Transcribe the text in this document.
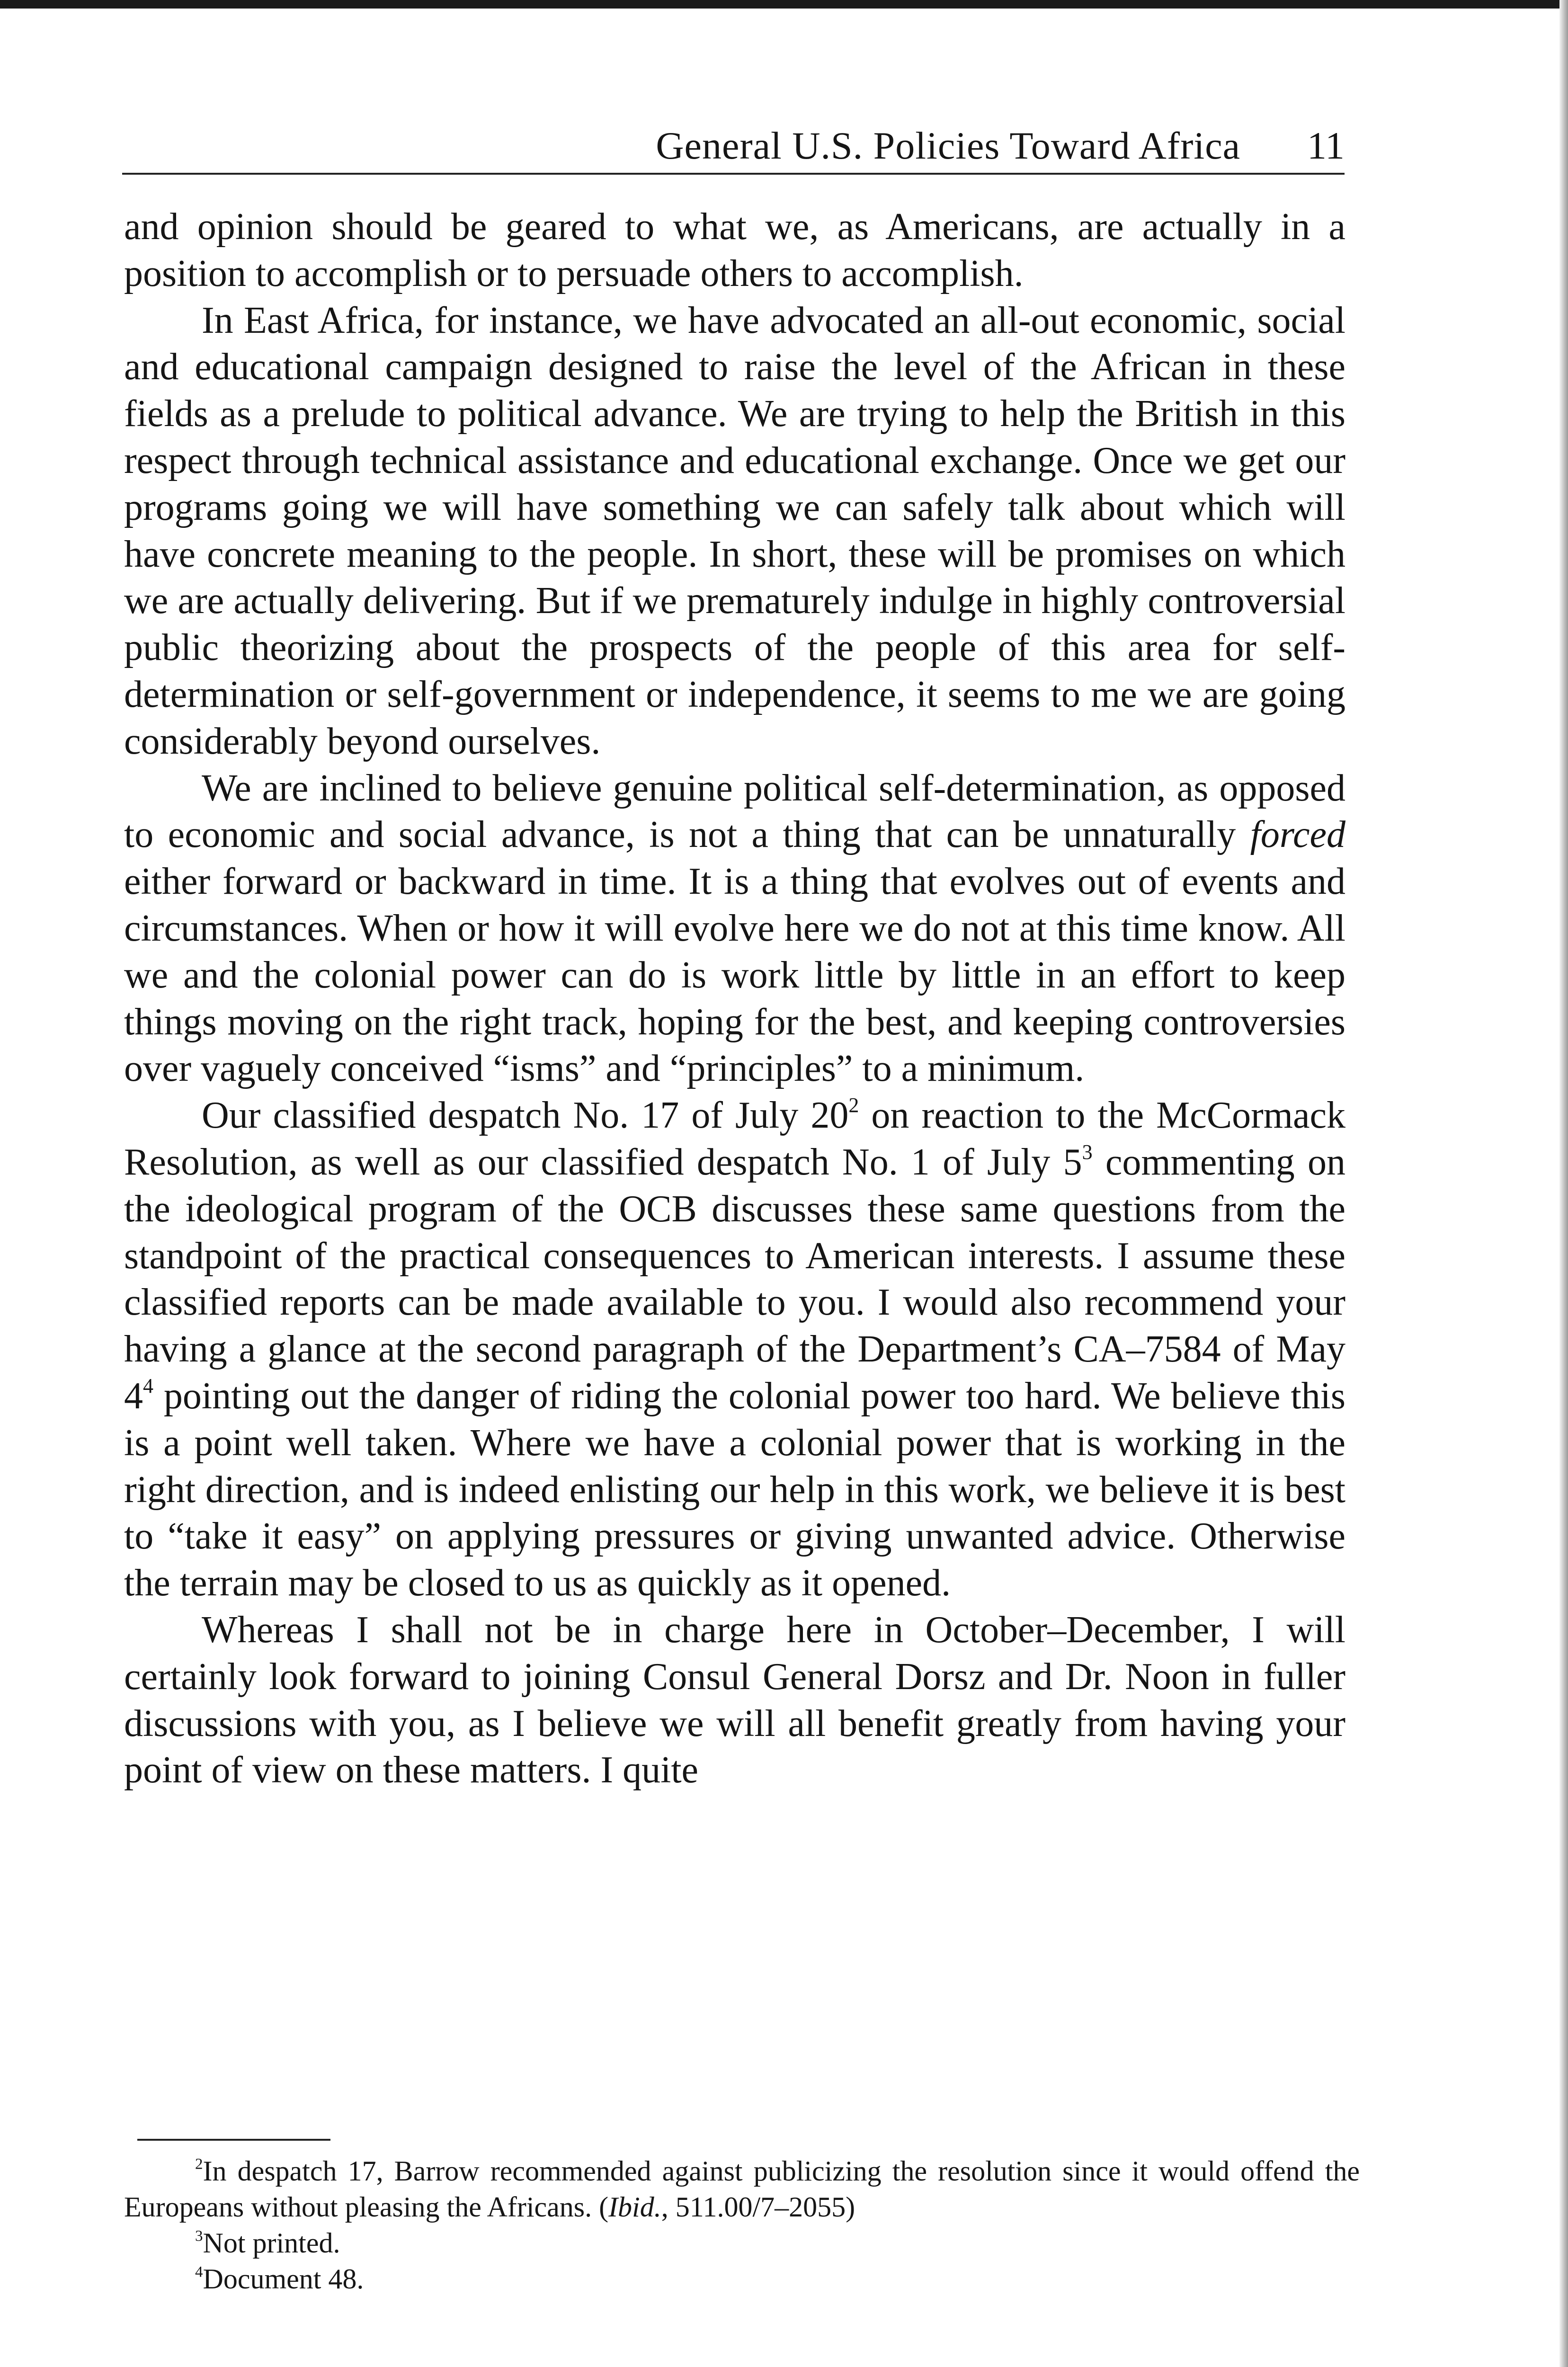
General U.S. Policies Toward Africa 11

and opinion should be geared to what we, as Americans, are actually in a position to accomplish or to persuade others to accomplish.

In East Africa, for instance, we have advocated an all-out economic, social and educational campaign designed to raise the level of the African in these fields as a prelude to political advance. We are trying to help the British in this respect through technical assistance and educational exchange. Once we get our programs going we will have something we can safely talk about which will have concrete meaning to the people. In short, these will be promises on which we are actually delivering. But if we prematurely indulge in highly controversial public theorizing about the prospects of the people of this area for self-determination or self-government or independence, it seems to me we are going considerably beyond ourselves.

We are inclined to believe genuine political self-determination, as opposed to economic and social advance, is not a thing that can be unnaturally forced either forward or backward in time. It is a thing that evolves out of events and circumstances. When or how it will evolve here we do not at this time know. All we and the colonial power can do is work little by little in an effort to keep things moving on the right track, hoping for the best, and keeping controversies over vaguely conceived “isms” and “principles” to a minimum.

Our classified despatch No. 17 of July $20^2$ on reaction to the McCormack Resolution, as well as our classified despatch No. 1 of July $5^3$ commenting on the ideological program of the OCB discusses these same questions from the standpoint of the practical consequences to American interests. I assume these classified reports can be made available to you. I would also recommend your having a glance at the second paragraph of the Department’s CA–7584 of May $4^4$ pointing out the danger of riding the colonial power too hard. We believe this is a point well taken. Where we have a colonial power that is working in the right direction, and is indeed enlisting our help in this work, we believe it is best to “take it easy” on applying pressures or giving unwanted advice. Otherwise the terrain may be closed to us as quickly as it opened.

Whereas I shall not be in charge here in October–December, I will certainly look forward to joining Consul General Dorsz and Dr. Noon in fuller discussions with you, as I believe we will all benefit greatly from having your point of view on these matters. I quite

$^2$In despatch 17, Barrow recommended against publicizing the resolution since it would offend the Europeans without pleasing the Africans. (Ibid., 511.00/7–2055)

$^3$Not printed.

$^4$Document 48.
